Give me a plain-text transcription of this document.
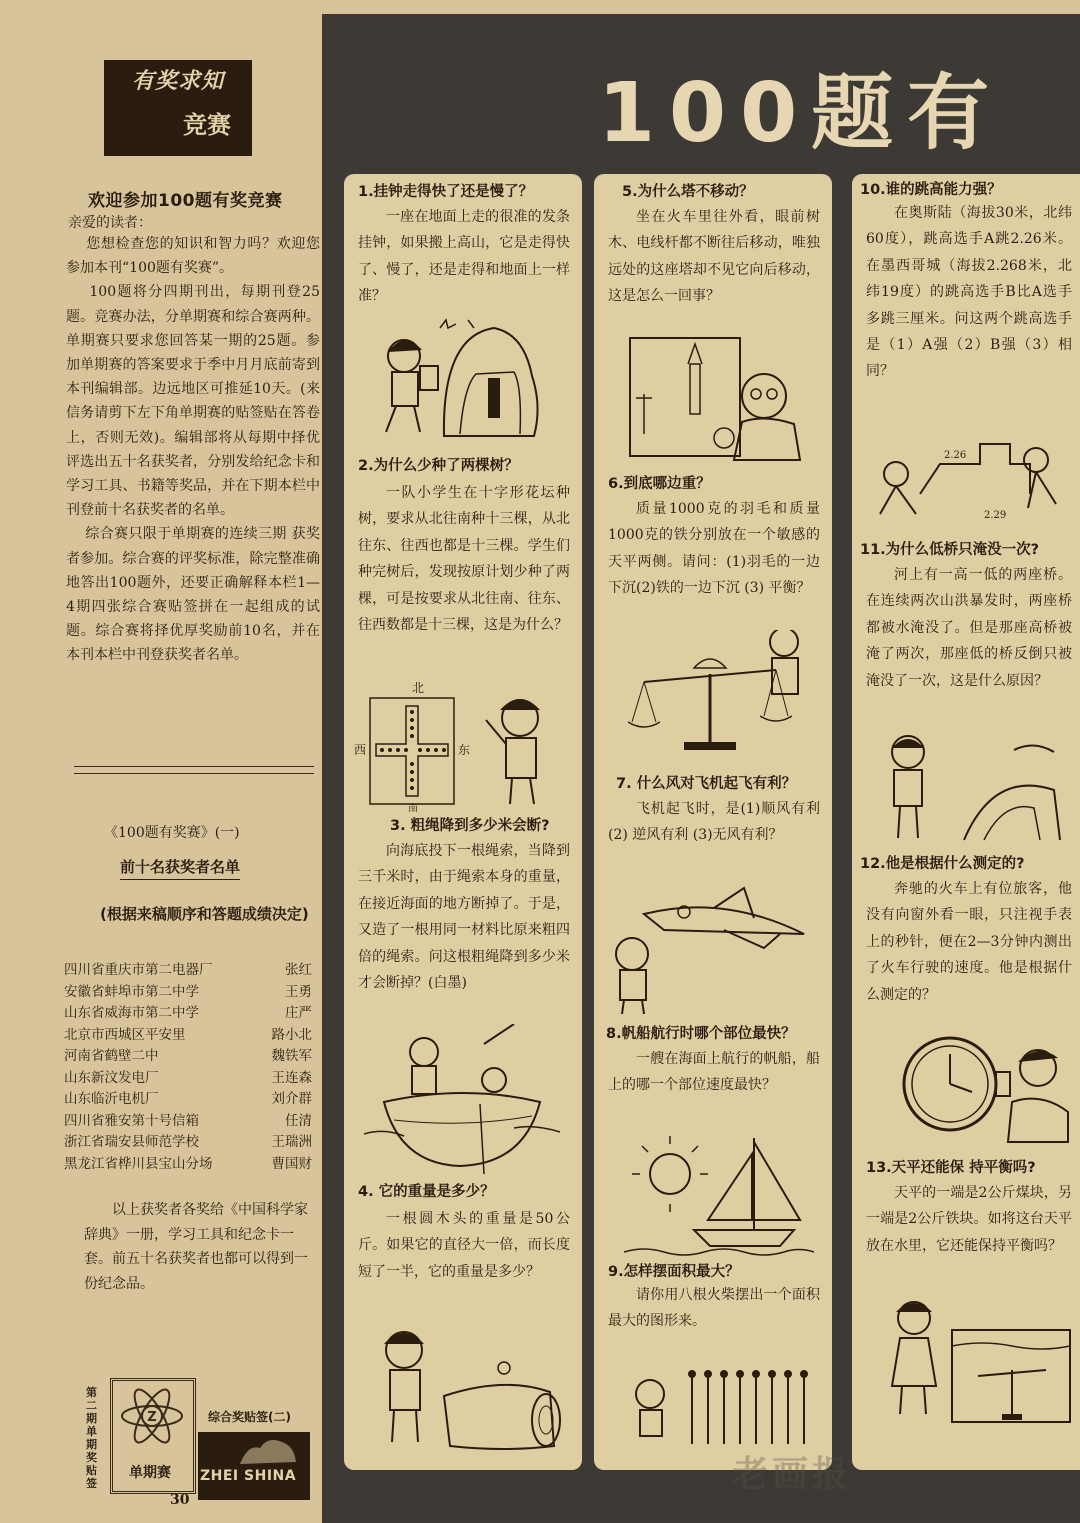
有奖求知
竞赛
欢迎参加100题有奖竞赛
亲爱的读者：
您想检查您的知识和智力吗？欢迎您参加本刊“100题有奖赛”。
100题将分四期刊出，每期刊登25题。竞赛办法，分单期赛和综合赛两种。单期赛只要求您回答某一期的25题。参加单期赛的答案要求于季中月月底前寄到本刊编辑部。边远地区可推延10天。(来信务请剪下左下角单期赛的贴签贴在答卷上，否则无效)。编辑部将从每期中择优评选出五十名获奖者，分别发给纪念卡和学习工具、书籍等奖品，并在下期本栏中刊登前十名获奖者的名单。
综合赛只限于单期赛的连续三期 获奖者参加。综合赛的评奖标准，除完整准确地答出100题外，还要正确解释本栏1—4期四张综合赛贴签拼在一起组成的试题。综合赛将择优厚奖励前10名，并在本刊本栏中刊登获奖者名单。
《100题有奖赛》(一)
前十名获奖者名单
(根据来稿顺序和答题成绩决定)
四川省重庆市第二电器厂	张红
安徽省蚌埠市第二中学	王勇
山东省威海市第二中学	庄严
北京市西城区平安里	路小北
河南省鹤壁二中	魏铁军
山东新汶发电厂	王连森
山东临沂电机厂	刘介群
四川省雅安第十号信箱	任清
浙江省瑞安县师范学校	王瑞洲
黑龙江省桦川县宝山分场	曹国财
以上获奖者各奖给《中国科学家辞典》一册，学习工具和纪念卡一套。前五十名获奖者也都可以得到一份纪念品。
第二期单期奖贴签
Z
单期赛
30
综合奖贴签(二)
ZHEI SHINA
100题有
1.挂钟走得快了还是慢了？
一座在地面上走的很准的发条挂钟，如果搬上高山，它是走得快了、慢了，还是走得和地面上一样准？
2.为什么少种了两棵树？
一队小学生在十字形花坛种树，要求从北往南种十三棵，从北往东、往西也都是十三棵。学生们种完树后，发现按原计划少种了两棵，可是按要求从北往南、往东、往西数都是十三棵，这是为什么？
北
西	东
南
3. 粗绳降到多少米会断?
向海底投下一根绳索，当降到三千米时，由于绳索本身的重量，在接近海面的地方断掉了。于是，又造了一根用同一材料比原来粗四倍的绳索。问这根粗绳降到多少米才会断掉？(白墨)
4. 它的重量是多少？
一根圆木头的重量是50公斤。如果它的直径大一倍，而长度短了一半，它的重量是多少？
5.为什么塔不移动？
坐在火车里往外看，眼前树木、电线杆都不断往后移动，唯独远处的这座塔却不见它向后移动，这是怎么一回事？
6.到底哪边重？
质量1000克的羽毛和质量1000克的铁分别放在一个敏感的天平两侧。请问：(1)羽毛的一边下沉(2)铁的一边下沉 (3) 平衡？
7. 什么风对飞机起飞有利？
飞机起飞时，是(1)顺风有利 (2) 逆风有利 (3)无风有利？
8.帆船航行时哪个部位最快？
一艘在海面上航行的帆船，船上的哪一个部位速度最快？
9.怎样摆面积最大？
请你用八根火柴摆出一个面积最大的图形来。
10.谁的跳高能力强？
在奥斯陆（海拔30米，北纬60度），跳高选手A跳2.26米。在墨西哥城（海拔2.268米，北纬19度）的跳高选手B比A选手多跳三厘米。问这两个跳高选手是（1）A强（2）B强（3）相同？
2.26
2.29
11.为什么低桥只淹没一次?
河上有一高一低的两座桥。在连续两次山洪暴发时，两座桥都被水淹没了。但是那座高桥被淹了两次，那座低的桥反倒只被淹没了一次，这是什么原因？
12.他是根据什么测定的?
奔驰的火车上有位旅客，他没有向窗外看一眼，只注视手表上的秒针，便在2—3分钟内测出了火车行驶的速度。他是根据什么测定的？
13.天平还能保 持平衡吗?
天平的一端是2公斤煤块，另一端是2公斤铁块。如将这台天平放在水里，它还能保持平衡吗？
老画报
